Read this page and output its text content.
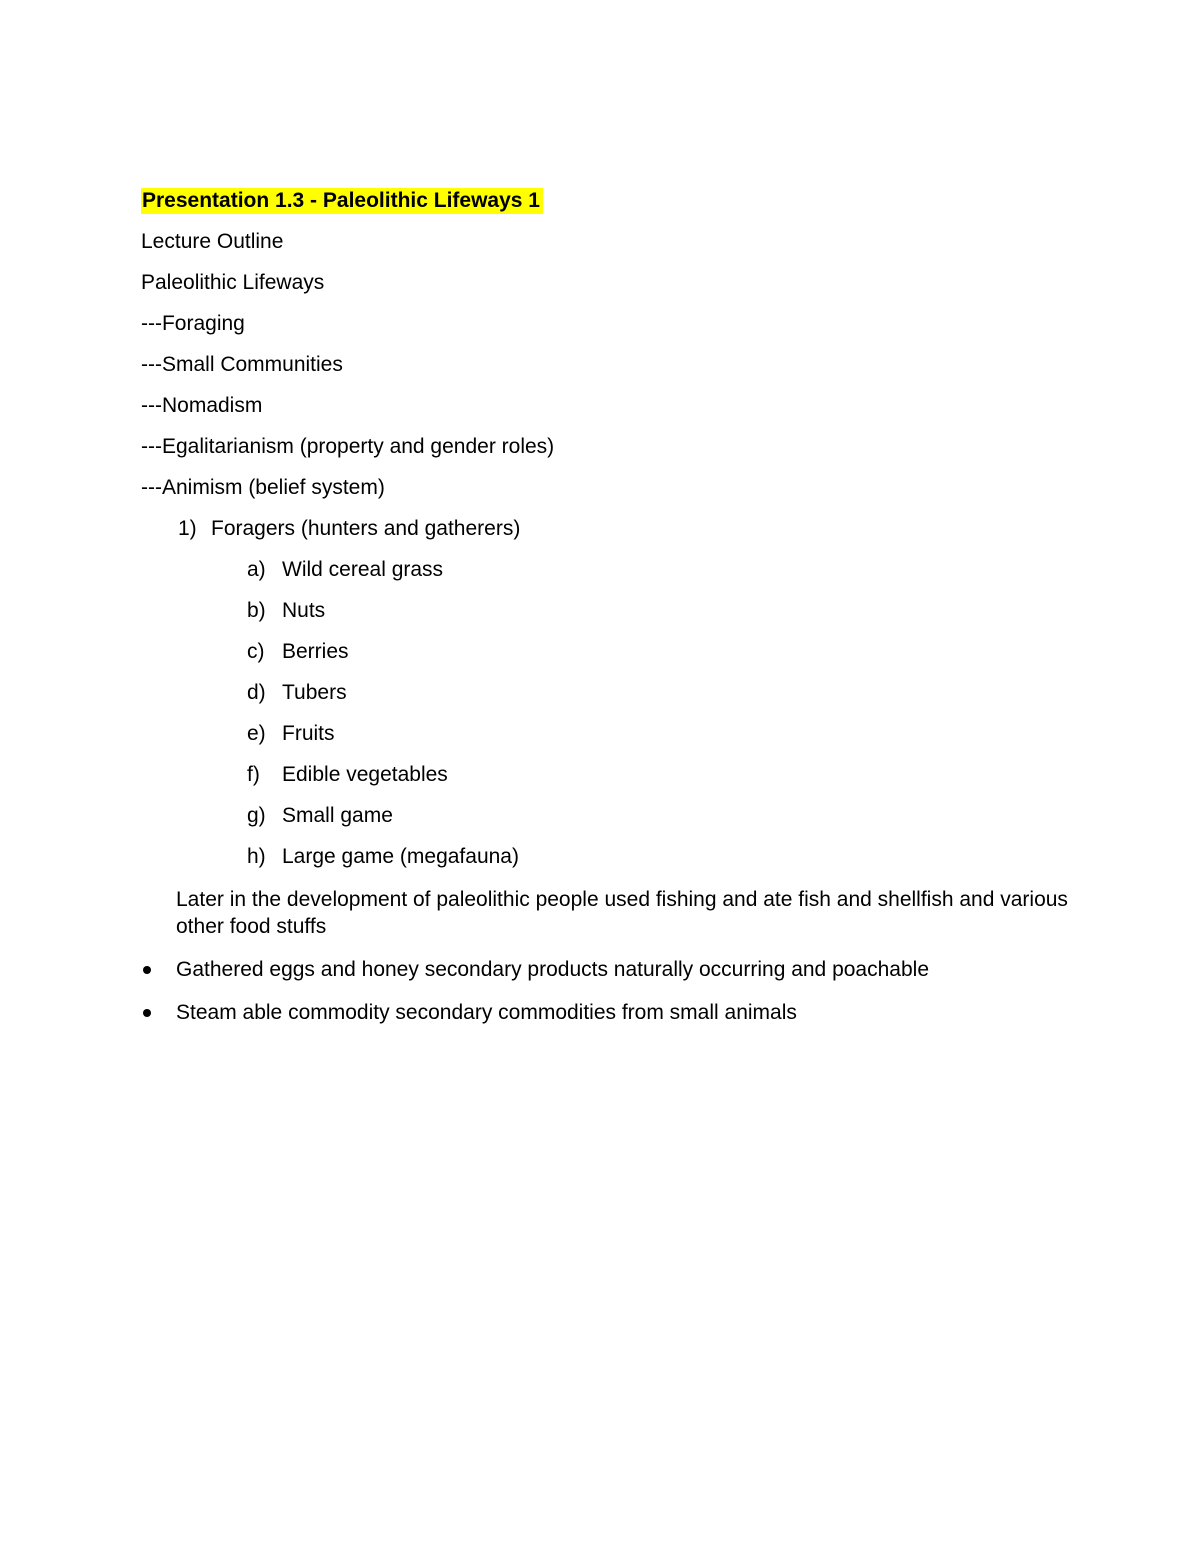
Presentation 1.3 - Paleolithic Lifeways 1
Lecture Outline
Paleolithic Lifeways
---Foraging
---Small Communities
---Nomadism
---Egalitarianism (property and gender roles)
---Animism (belief system)
1) Foragers (hunters and gatherers)
a) Wild cereal grass
b) Nuts
c) Berries
d) Tubers
e) Fruits
f) Edible vegetables
g) Small game
h) Large game (megafauna)
Later in the development of paleolithic people used fishing and ate fish and shellfish and various other food stuffs
Gathered eggs and honey secondary products naturally occurring and poachable
Steam able commodity secondary commodities from small animals
